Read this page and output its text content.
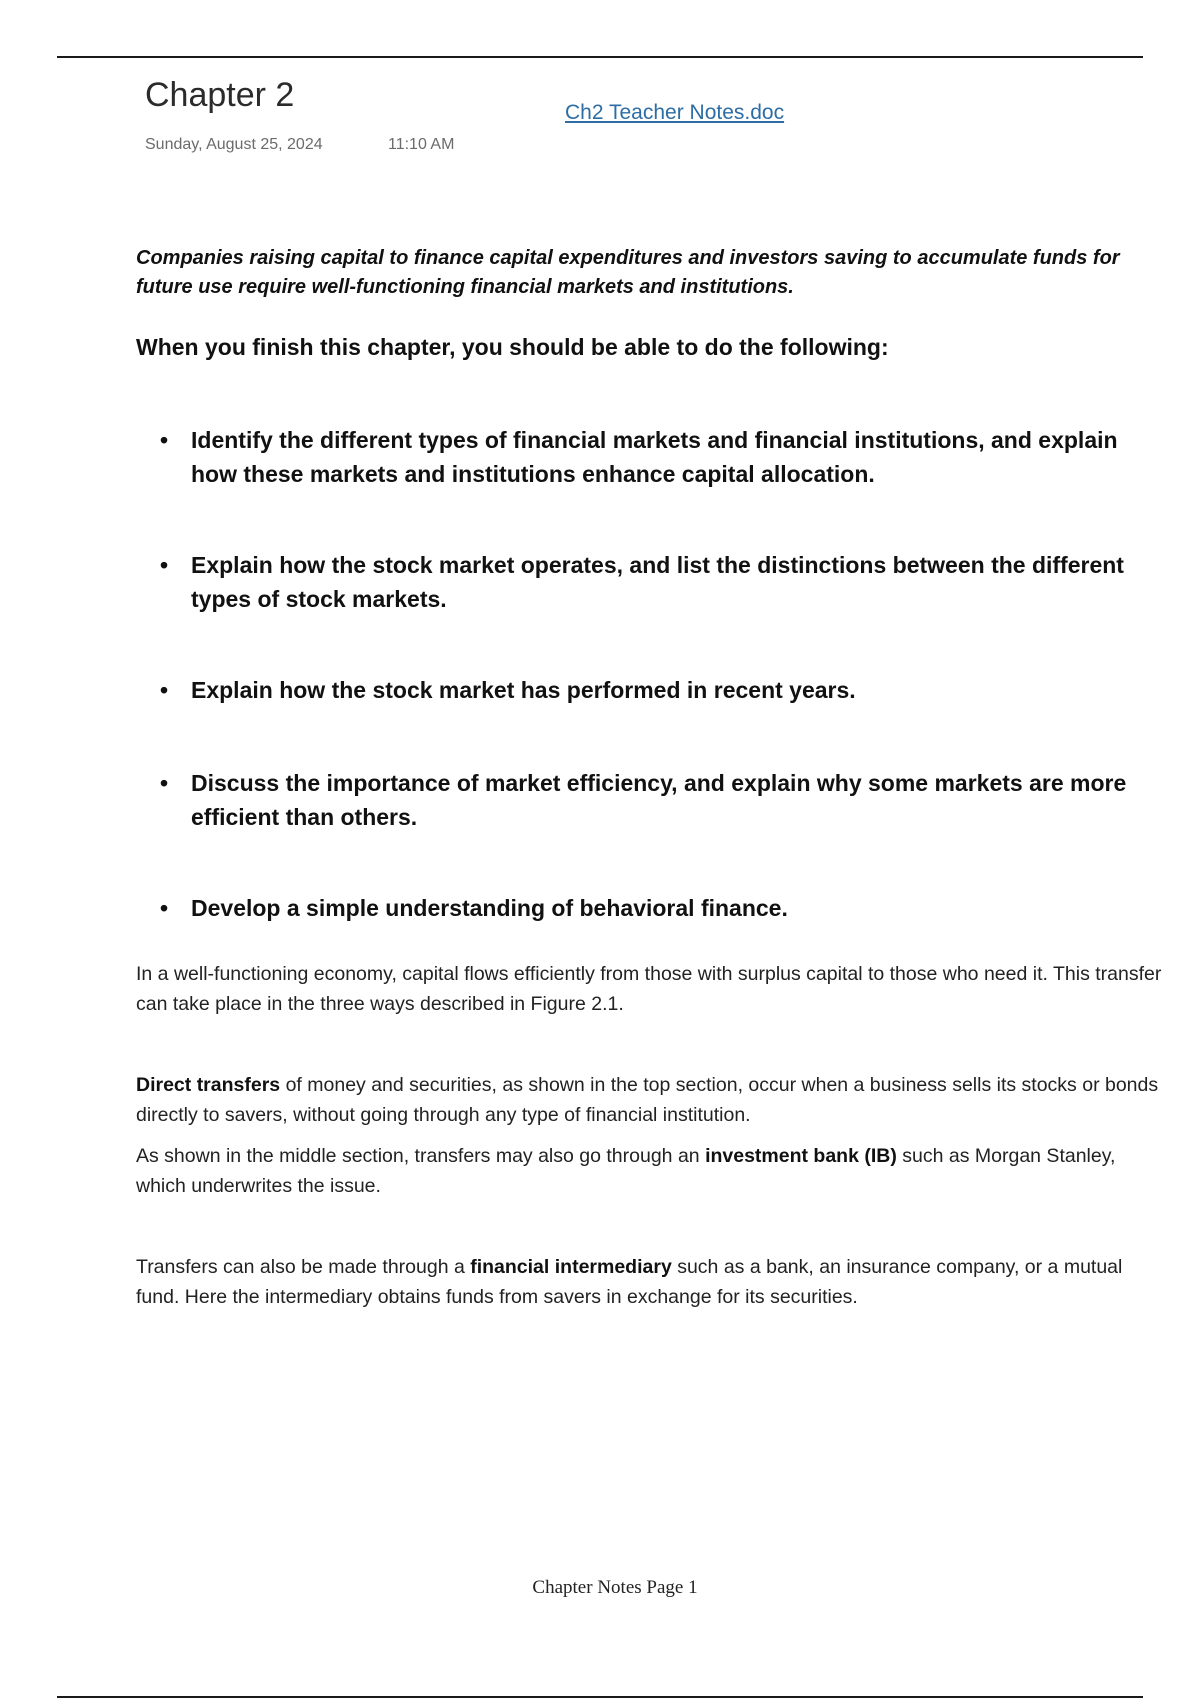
Chapter 2
Sunday, August 25, 2024	11:10 AM
Ch2 Teacher Notes.doc

Companies raising capital to finance capital expenditures and investors saving to accumulate funds for future use require well-functioning financial markets and institutions.

When you finish this chapter, you should be able to do the following:

• Identify the different types of financial markets and financial institutions, and explain how these markets and institutions enhance capital allocation.
• Explain how the stock market operates, and list the distinctions between the different types of stock markets.
• Explain how the stock market has performed in recent years.
• Discuss the importance of market efficiency, and explain why some markets are more efficient than others.
• Develop a simple understanding of behavioral finance.

In a well-functioning economy, capital flows efficiently from those with surplus capital to those who need it. This transfer can take place in the three ways described in Figure 2.1.

Direct transfers of money and securities, as shown in the top section, occur when a business sells its stocks or bonds directly to savers, without going through any type of financial institution.

As shown in the middle section, transfers may also go through an investment bank (IB) such as Morgan Stanley, which underwrites the issue.

Transfers can also be made through a financial intermediary such as a bank, an insurance company, or a mutual fund. Here the intermediary obtains funds from savers in exchange for its securities.

Chapter Notes Page 1
